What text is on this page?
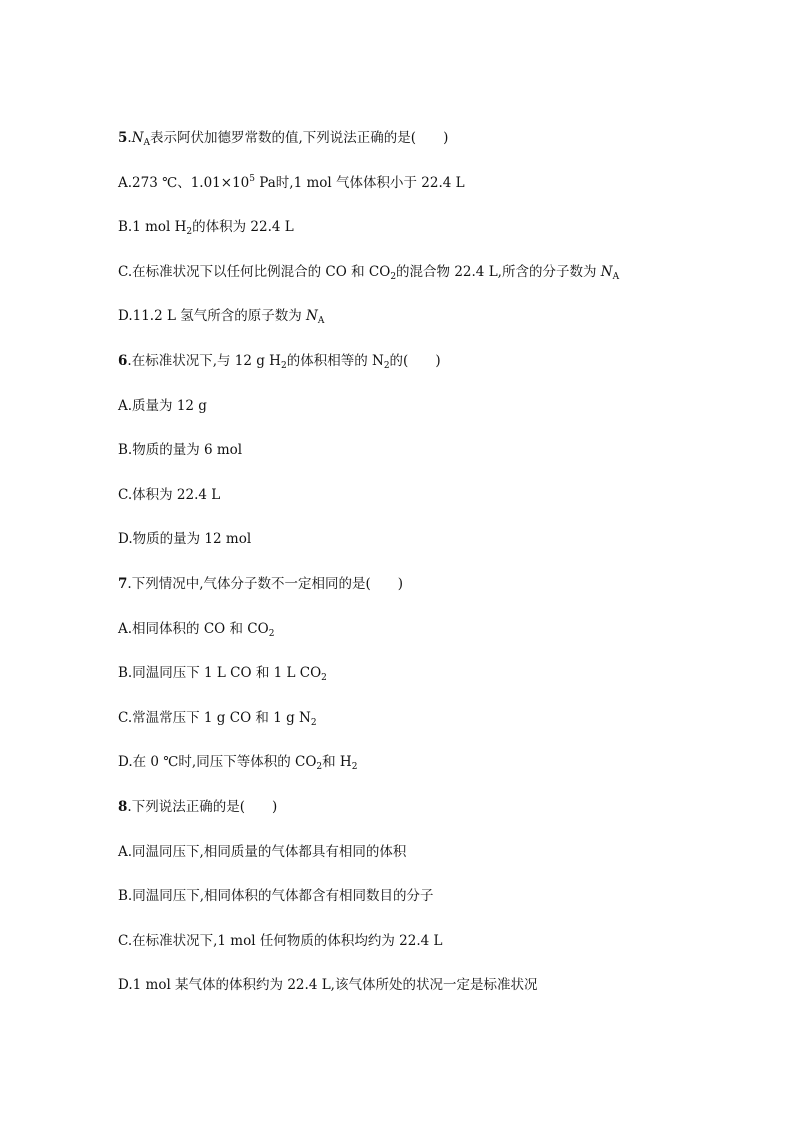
$5.N_A$表示阿伏加德罗常数的值,下列说法正确的是(　　)
A.273 ℃、$1.01\times 10^5$ Pa时,1 mol 气体体积小于 22.4 L
B.1 mol $H_2$的体积为 22.4 L
C.在标准状况下以任何比例混合的 CO 和 $CO_2$的混合物 22.4 L,所含的分子数为 $N_A$
D.11.2 L 氢气所含的原子数为 $N_A$
6.在标准状况下,与 12 g $H_2$的体积相等的 $N_2$的(　　)
A.质量为 12 g
B.物质的量为 6 mol
C.体积为 22.4 L
D.物质的量为 12 mol
7.下列情况中,气体分子数不一定相同的是(　　)
A.相同体积的 CO 和 $CO_2$
B.同温同压下 1 L CO 和 1 L $CO_2$
C.常温常压下 1 g CO 和 1 g $N_2$
D.在 0 ℃时,同压下等体积的 $CO_2$和 $H_2$
8.下列说法正确的是(　　)
A.同温同压下,相同质量的气体都具有相同的体积
B.同温同压下,相同体积的气体都含有相同数目的分子
C.在标准状况下,1 mol 任何物质的体积均约为 22.4 L
D.1 mol 某气体的体积约为 22.4 L,该气体所处的状况一定是标准状况
